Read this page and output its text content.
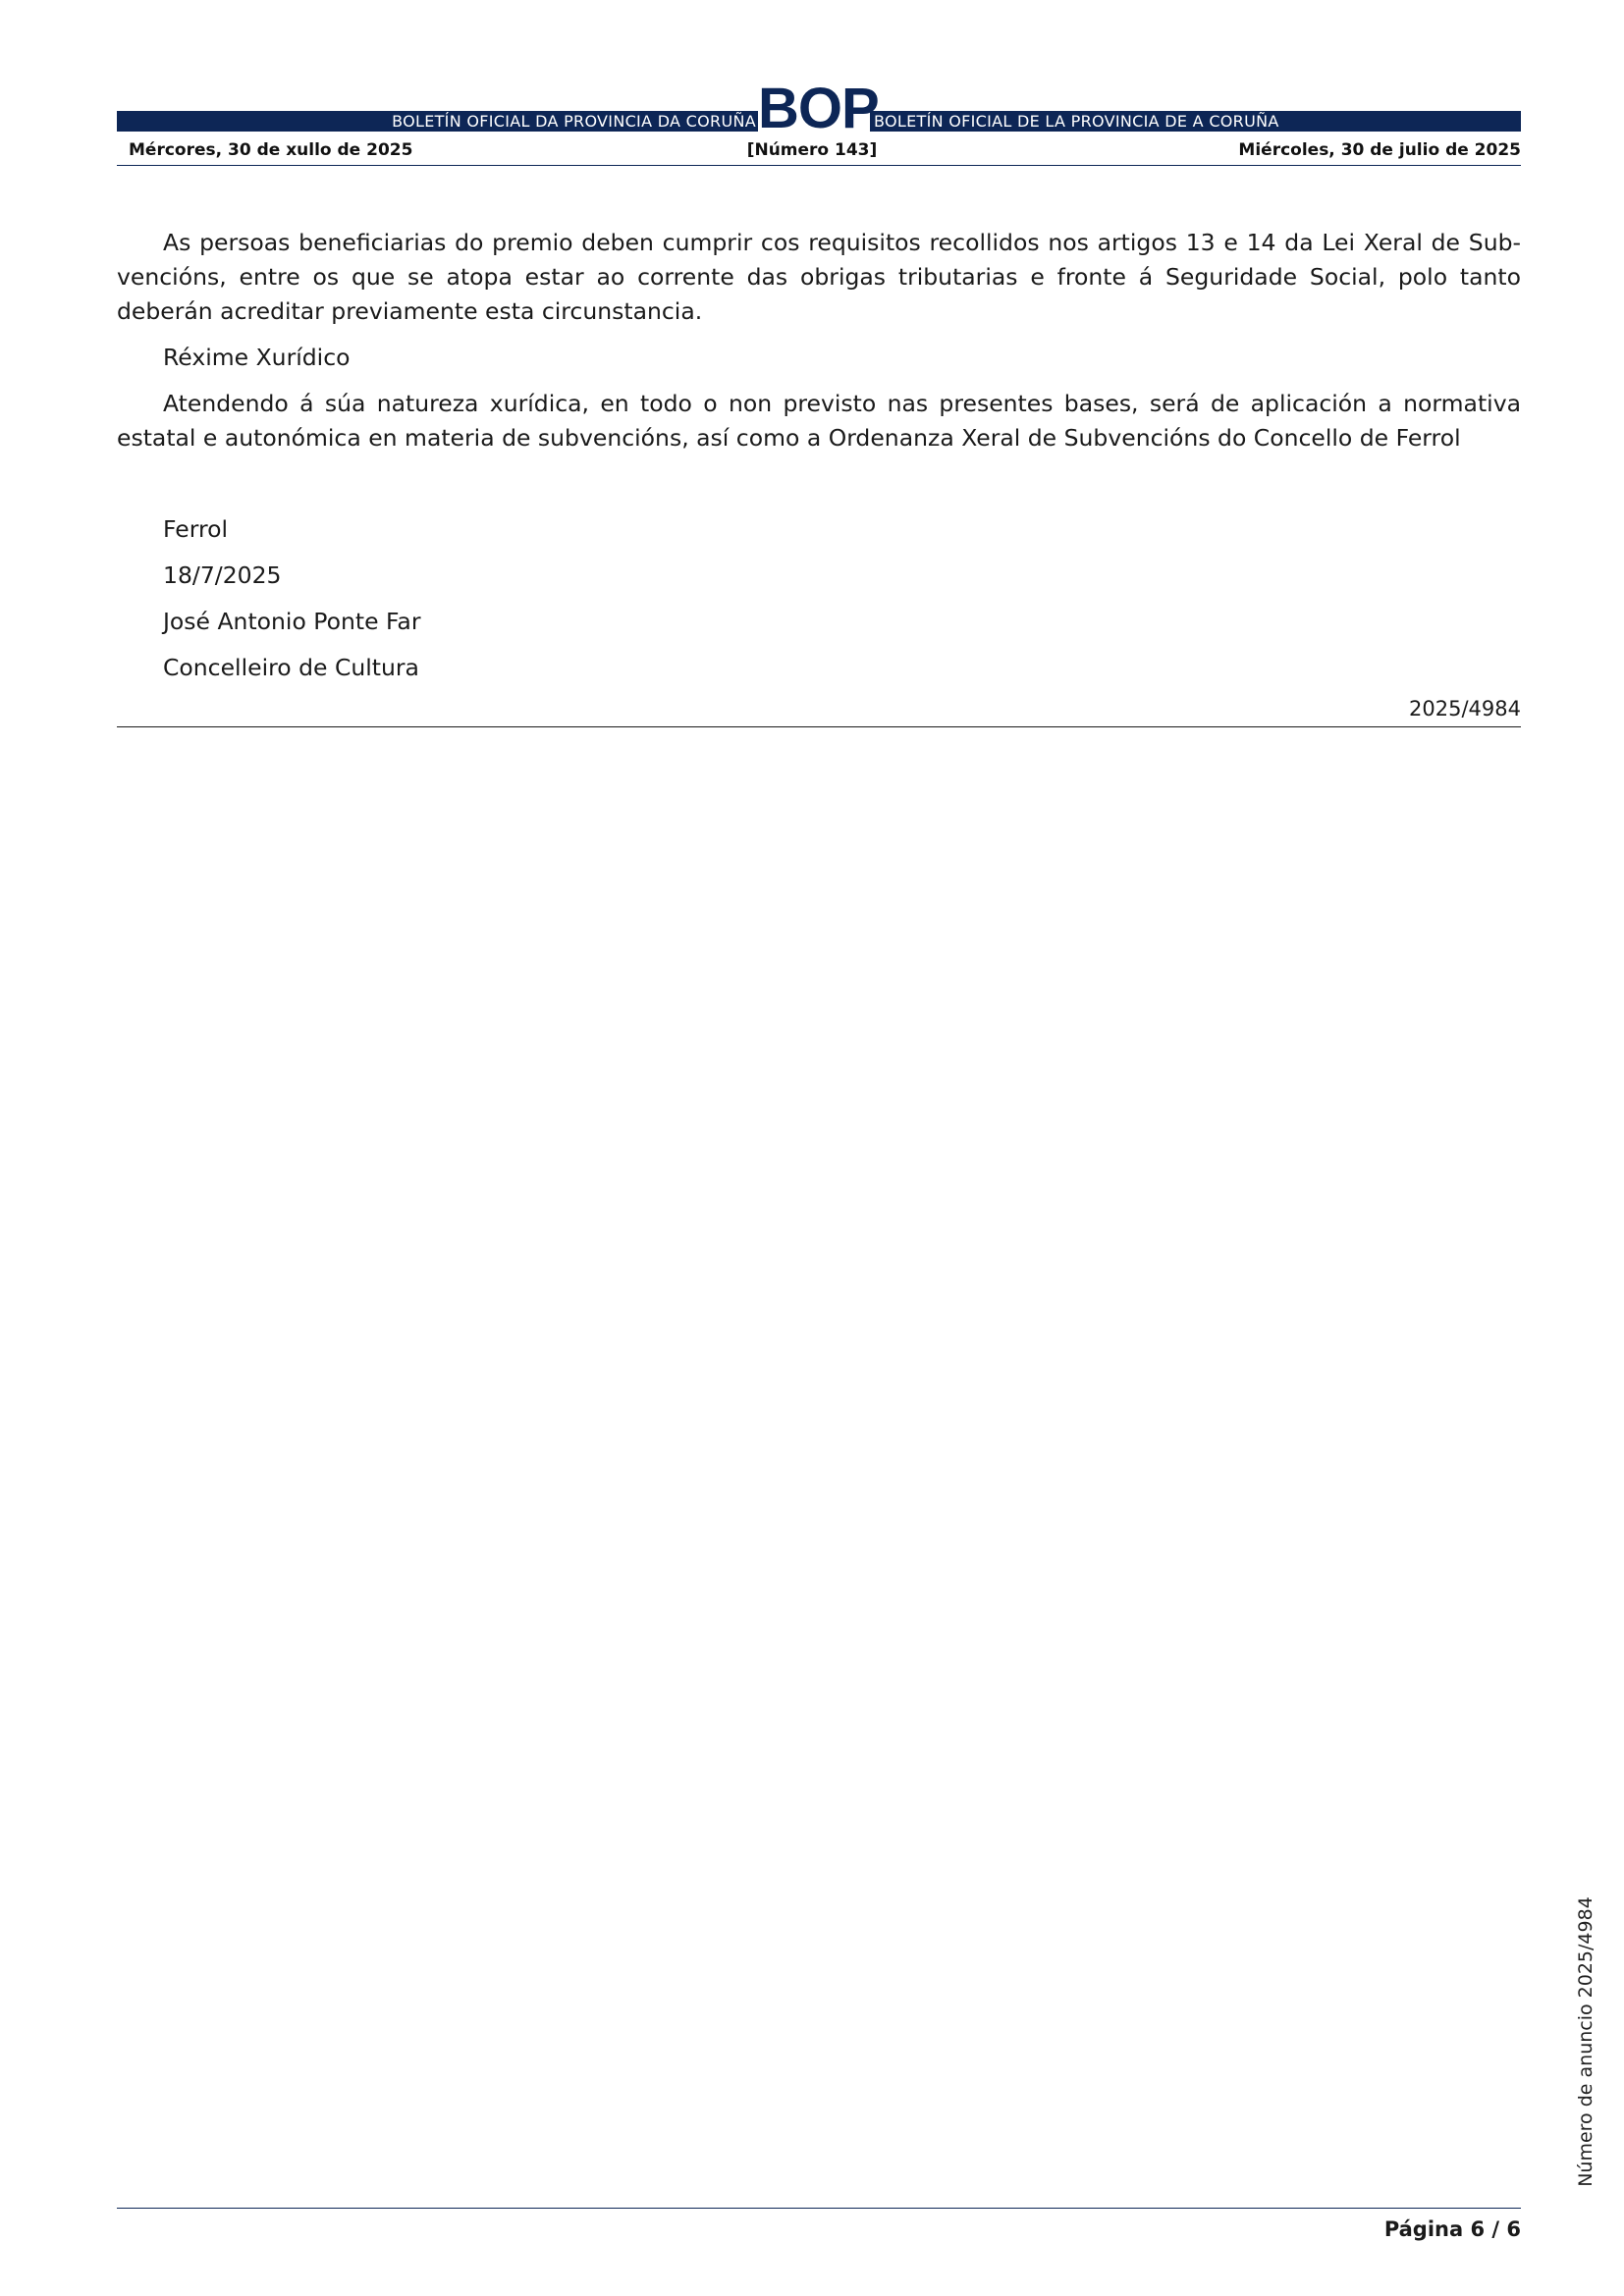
BOLETÍN OFICIAL DA PROVINCIA DA CORUÑA BOP
BOLETÍN OFICIAL DE LA PROVINCIA DE A CORUÑA
Mércores, 30 de xullo de 2025	[Número 143]	Miércoles, 30 de julio de 2025

As persoas beneficiarias do premio deben cumprir cos requisitos recollidos nos artigos 13 e 14 da Lei Xeral de Sub-vencións, entre os que se atopa estar ao corrente das obrigas tributarias e fronte á Seguridade Social, polo tanto deberán acreditar previamente esta circunstancia.

Réxime Xurídico

Atendendo á súa natureza xurídica, en todo o non previsto nas presentes bases, será de aplicación a normativa estatal e autonómica en materia de subvencións, así como a Ordenanza Xeral de Subvencións do Concello de Ferrol

Ferrol

18/7/2025

José Antonio Ponte Far

Concelleiro de Cultura

2025/4984
Número de anuncio 2025/4984
Página 6 / 6
